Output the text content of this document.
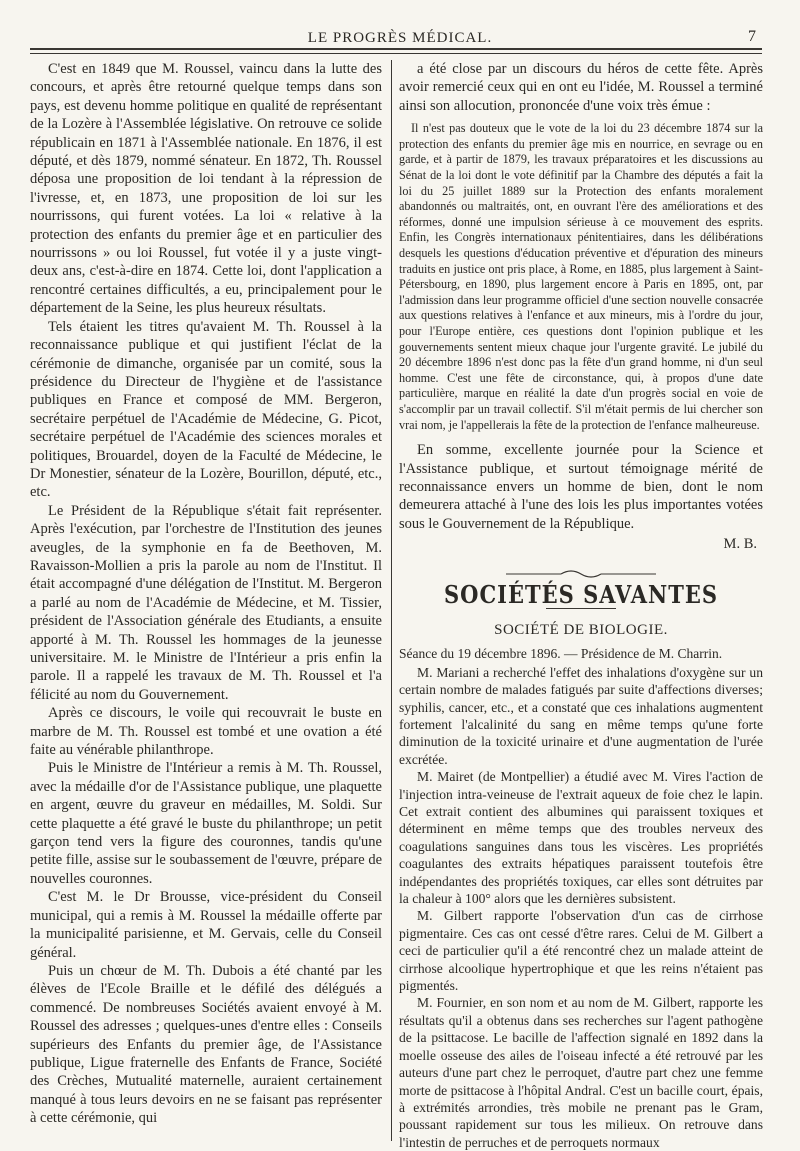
LE PROGRÈS MÉDICAL.	7

C'est en 1849 que M. Roussel, vaincu dans la lutte des concours, et après être retourné quelque temps dans son pays, est devenu homme politique en qualité de représentant de la Lozère à l'Assemblée législative. On retrouve ce solide républicain en 1871 à l'Assemblée nationale. En 1876, il est député, et dès 1879, nommé sénateur. En 1872, Th. Roussel déposa une proposition de loi tendant à la répression de l'ivresse, et, en 1873, une proposition de loi sur les nourrissons, qui furent votées. La loi « relative à la protection des enfants du premier âge et en particulier des nourrissons » ou loi Roussel, fut votée il y a juste vingt-deux ans, c'est-à-dire en 1874. Cette loi, dont l'application a rencontré certaines difficultés, a eu, principalement pour le département de la Seine, les plus heureux résultats.

Tels étaient les titres qu'avaient M. Th. Roussel à la reconnaissance publique et qui justifient l'éclat de la cérémonie de dimanche, organisée par un comité, sous la présidence du Directeur de l'hygiène et de l'assistance publiques en France et composé de MM. Bergeron, secrétaire perpétuel de l'Académie de Médecine, G. Picot, secrétaire perpétuel de l'Académie des sciences morales et politiques, Brouardel, doyen de la Faculté de Médecine, le Dr Monestier, sénateur de la Lozère, Bourillon, député, etc., etc.

Le Président de la République s'était fait représenter. Après l'exécution, par l'orchestre de l'Institution des jeunes aveugles, de la symphonie en fa de Beethoven, M. Ravaisson-Mollien a pris la parole au nom de l'Institut. Il était accompagné d'une délégation de l'Institut. M. Bergeron a parlé au nom de l'Académie de Médecine, et M. Tissier, président de l'Association générale des Etudiants, a ensuite apporté à M. Th. Roussel les hommages de la jeunesse universitaire. M. le Ministre de l'Intérieur a pris enfin la parole. Il a rappelé les travaux de M. Th. Roussel et l'a félicité au nom du Gouvernement.

Après ce discours, le voile qui recouvrait le buste en marbre de M. Th. Roussel est tombé et une ovation a été faite au vénérable philanthrope.

Puis le Ministre de l'Intérieur a remis à M. Th. Roussel, avec la médaille d'or de l'Assistance publique, une plaquette en argent, œuvre du graveur en médailles, M. Soldi. Sur cette plaquette a été gravé le buste du philanthrope; un petit garçon tend vers la figure des couronnes, tandis qu'une petite fille, assise sur le soubassement de l'œuvre, prépare de nouvelles couronnes.

C'est M. le Dr Brousse, vice-président du Conseil municipal, qui a remis à M. Roussel la médaille offerte par la municipalité parisienne, et M. Gervais, celle du Conseil général.

Puis un chœur de M. Th. Dubois a été chanté par les élèves de l'Ecole Braille et le défilé des délégués a commencé. De nombreuses Sociétés avaient envoyé à M. Roussel des adresses ; quelques-unes d'entre elles : Conseils supérieurs des Enfants du premier âge, de l'Assistance publique, Ligue fraternelle des Enfants de France, Société des Crèches, Mutualité maternelle, auraient certainement manqué à tous leurs devoirs en ne se faisant pas représenter à cette cérémonie, qui

a été close par un discours du héros de cette fête. Après avoir remercié ceux qui en ont eu l'idée, M. Roussel a terminé ainsi son allocution, prononcée d'une voix très émue :

Il n'est pas douteux que le vote de la loi du 23 décembre 1874 sur la protection des enfants du premier âge mis en nourrice, en sevrage ou en garde, et à partir de 1879, les travaux préparatoires et les discussions au Sénat de la loi dont le vote définitif par la Chambre des députés a fait la loi du 25 juillet 1889 sur la Protection des enfants moralement abandonnés ou maltraités, ont, en ouvrant l'ère des améliorations et des réformes, donné une impulsion sérieuse à ce mouvement des esprits. Enfin, les Congrès internationaux pénitentiaires, dans les délibérations desquels les questions d'éducation préventive et d'épuration des mineurs traduits en justice ont pris place, à Rome, en 1885, plus largement à Saint-Pétersbourg, en 1890, plus largement encore à Paris en 1895, ont, par l'admission dans leur programme officiel d'une section nouvelle consacrée aux questions relatives à l'enfance et aux mineurs, mis à l'ordre du jour, pour l'Europe entière, ces questions dont l'opinion publique et les gouvernements sentent mieux chaque jour l'urgente gravité. Le jubilé du 20 décembre 1896 n'est donc pas la fête d'un grand homme, ni d'un seul homme. C'est une fête de circonstance, qui, à propos d'une date particulière, marque en réalité la date d'un progrès social en voie de s'accomplir par un travail collectif. S'il m'était permis de lui chercher son vrai nom, je l'appellerais la fête de la protection de l'enfance malheureuse.

En somme, excellente journée pour la Science et l'Assistance publique, et surtout témoignage mérité de reconnaissance envers un homme de bien, dont le nom demeurera attaché à l'une des lois les plus importantes votées sous le Gouvernement de la République.

M. B.
SOCIÉTÉS SAVANTES
SOCIÉTÉ DE BIOLOGIE.

Séance du 19 décembre 1896. — Présidence de M. Charrin.

M. Mariani a recherché l'effet des inhalations d'oxygène sur un certain nombre de malades fatigués par suite d'affections diverses; syphilis, cancer, etc., et a constaté que ces inhalations augmentent fortement l'alcalinité du sang en même temps qu'une forte diminution de la toxicité urinaire et d'une augmentation de l'urée excrétée.

M. Mairet (de Montpellier) a étudié avec M. Vires l'action de l'injection intra-veineuse de l'extrait aqueux de foie chez le lapin. Cet extrait contient des albumines qui paraissent toxiques et déterminent en même temps que des troubles nerveux des coagulations sanguines dans tous les viscères. Les propriétés coagulantes des extraits hépatiques paraissent toutefois être indépendantes des propriétés toxiques, car elles sont détruites par la chaleur à 100° alors que les dernières subsistent.

M. Gilbert rapporte l'observation d'un cas de cirrhose pigmentaire. Ces cas ont cessé d'être rares. Celui de M. Gilbert a ceci de particulier qu'il a été rencontré chez un malade atteint de cirrhose alcoolique hypertrophique et que les reins n'étaient pas pigmentés.

M. Fournier, en son nom et au nom de M. Gilbert, rapporte les résultats qu'il a obtenus dans ses recherches sur l'agent pathogène de la psittacose. Le bacille de l'affection signalé en 1892 dans la moelle osseuse des ailes de l'oiseau infecté a été retrouvé par les auteurs d'une part chez le perroquet, d'autre part chez une femme morte de psittacose à l'hôpital Andral. C'est un bacille court, épais, à extrémités arrondies, très mobile ne prenant pas le Gram, poussant rapidement sur tous les milieux. On retrouve dans l'intestin de perruches et de perroquets normaux
